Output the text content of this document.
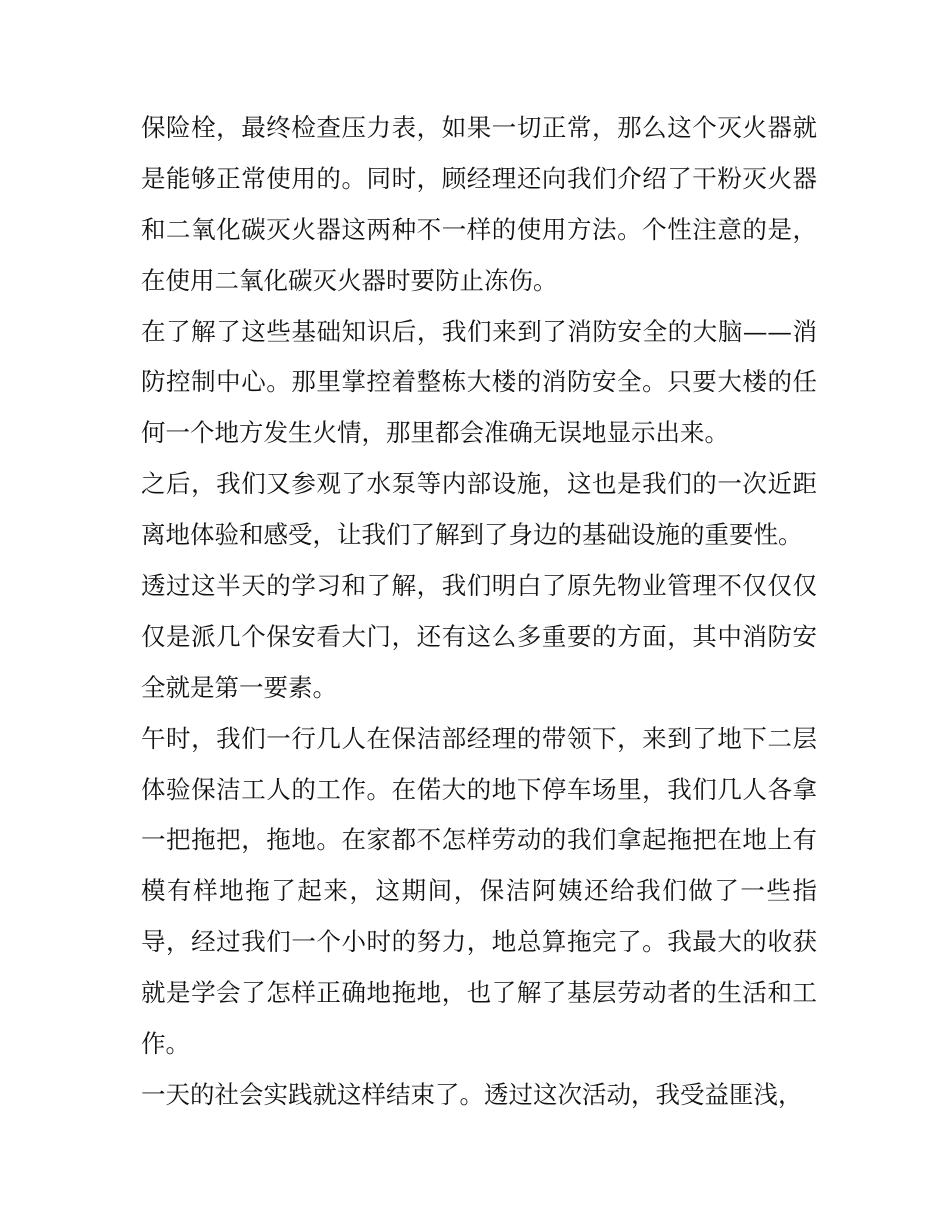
保险栓，最终检查压力表，如果一切正常，那么这个灭火器就
是能够正常使用的。同时，顾经理还向我们介绍了干粉灭火器
和二氧化碳灭火器这两种不一样的使用方法。个性注意的是，
在使用二氧化碳灭火器时要防止冻伤。
在了解了这些基础知识后，我们来到了消防安全的大脑——消
防控制中心。那里掌控着整栋大楼的消防安全。只要大楼的任
何一个地方发生火情，那里都会准确无误地显示出来。
之后，我们又参观了水泵等内部设施，这也是我们的一次近距
离地体验和感受，让我们了解到了身边的基础设施的重要性。
透过这半天的学习和了解，我们明白了原先物业管理不仅仅仅
仅是派几个保安看大门，还有这么多重要的方面，其中消防安
全就是第一要素。
午时，我们一行几人在保洁部经理的带领下，来到了地下二层
体验保洁工人的工作。在偌大的地下停车场里，我们几人各拿
一把拖把，拖地。在家都不怎样劳动的我们拿起拖把在地上有
模有样地拖了起来，这期间，保洁阿姨还给我们做了一些指
导，经过我们一个小时的努力，地总算拖完了。我最大的收获
就是学会了怎样正确地拖地，也了解了基层劳动者的生活和工
作。
一天的社会实践就这样结束了。透过这次活动，我受益匪浅，
